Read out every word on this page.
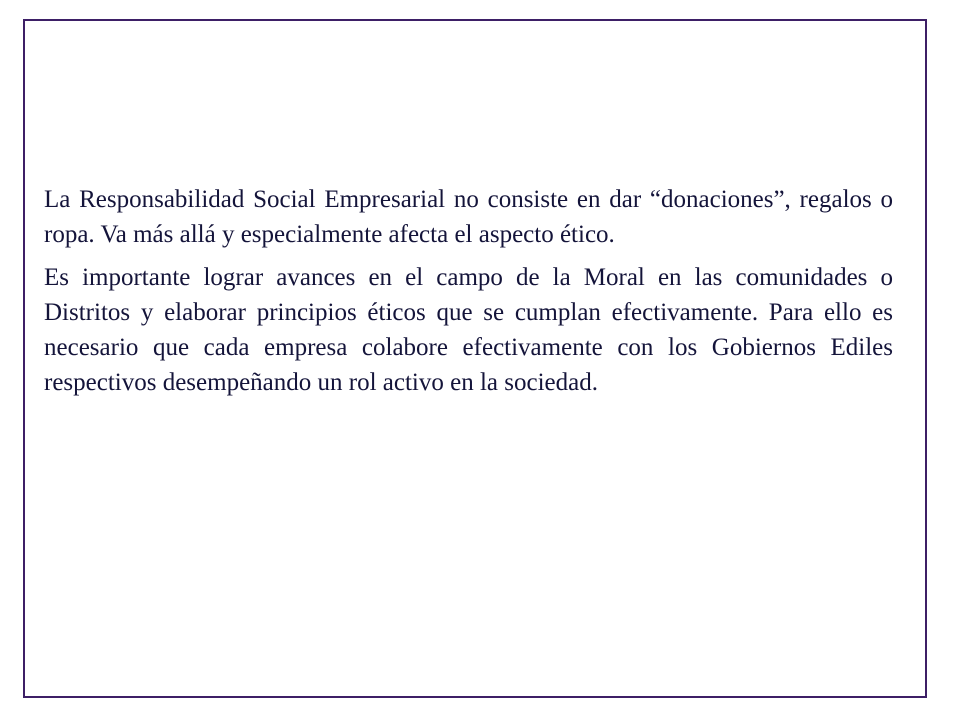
La Responsabilidad Social Empresarial no consiste en dar “donaciones”, regalos o ropa. Va más allá y especialmente afecta el aspecto ético.

Es importante lograr avances en el campo de la Moral en las comunidades o Distritos y elaborar principios éticos que se cumplan efectivamente. Para ello es necesario que cada empresa colabore efectivamente con los Gobiernos Ediles respectivos desempeñando un rol activo en la sociedad.
